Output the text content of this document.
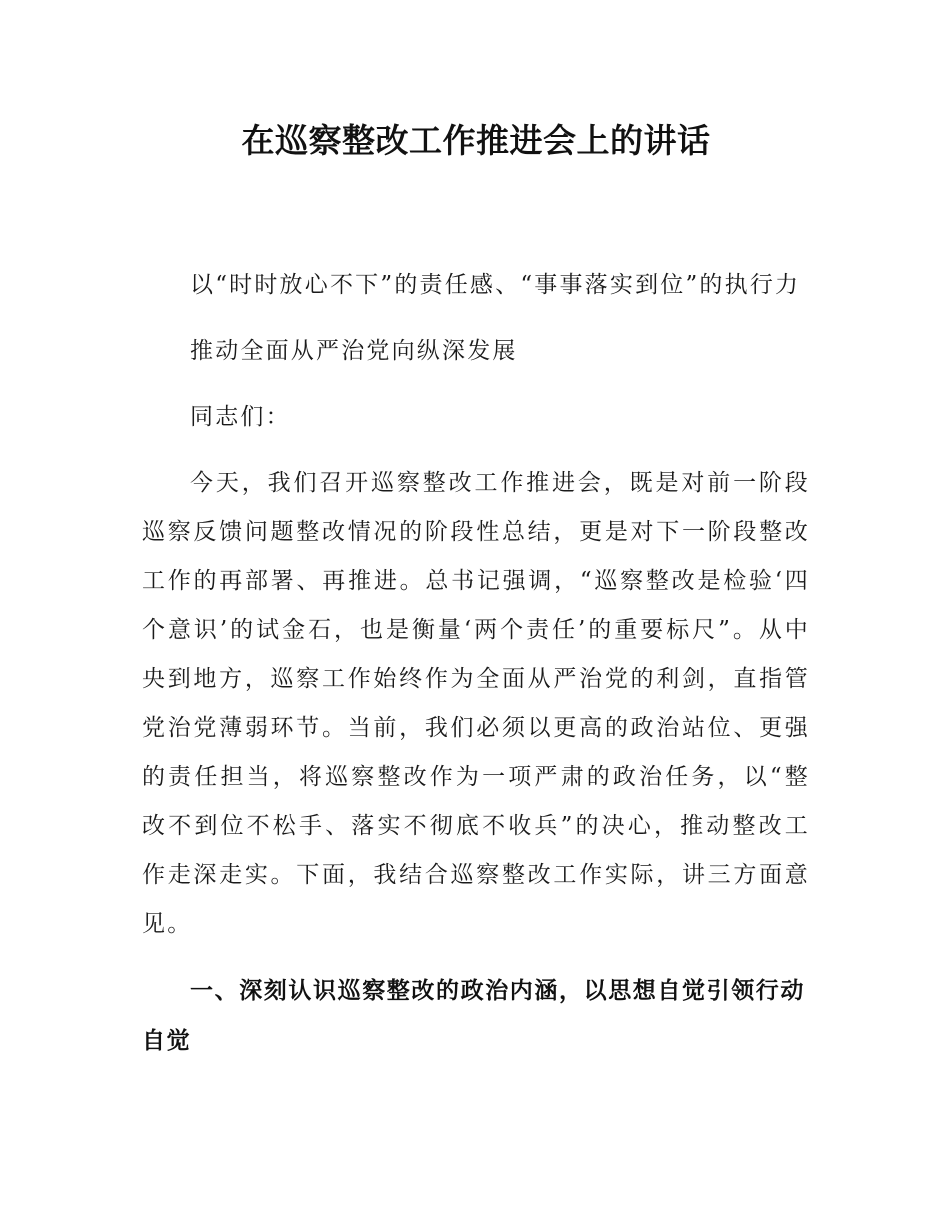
在巡察整改工作推进会上的讲话

以“时时放心不下”的责任感、“事事落实到位”的执行力

推动全面从严治党向纵深发展

同志们：

今天，我们召开巡察整改工作推进会，既是对前一阶段巡察反馈问题整改情况的阶段性总结，更是对下一阶段整改工作的再部署、再推进。总书记强调，“巡察整改是检验‘四个意识’的试金石，也是衡量‘两个责任’的重要标尺”。从中央到地方，巡察工作始终作为全面从严治党的利剑，直指管党治党薄弱环节。当前，我们必须以更高的政治站位、更强的责任担当，将巡察整改作为一项严肃的政治任务，以“整改不到位不松手、落实不彻底不收兵”的决心，推动整改工作走深走实。下面，我结合巡察整改工作实际，讲三方面意见。

一、深刻认识巡察整改的政治内涵，以思想自觉引领行动自觉
